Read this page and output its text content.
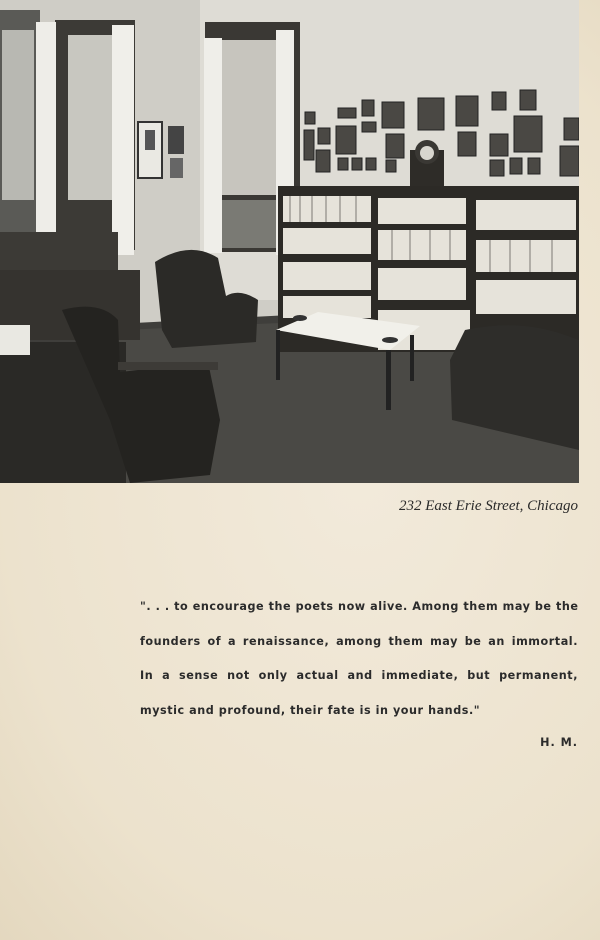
232 East Erie Street, Chicago
". . . to encourage the poets now alive. Among them may be the
founders of a renaissance, among them may be an immortal.
In a sense not only actual and immediate, but permanent,
mystic and profound, their fate is in your hands."
H. M.
